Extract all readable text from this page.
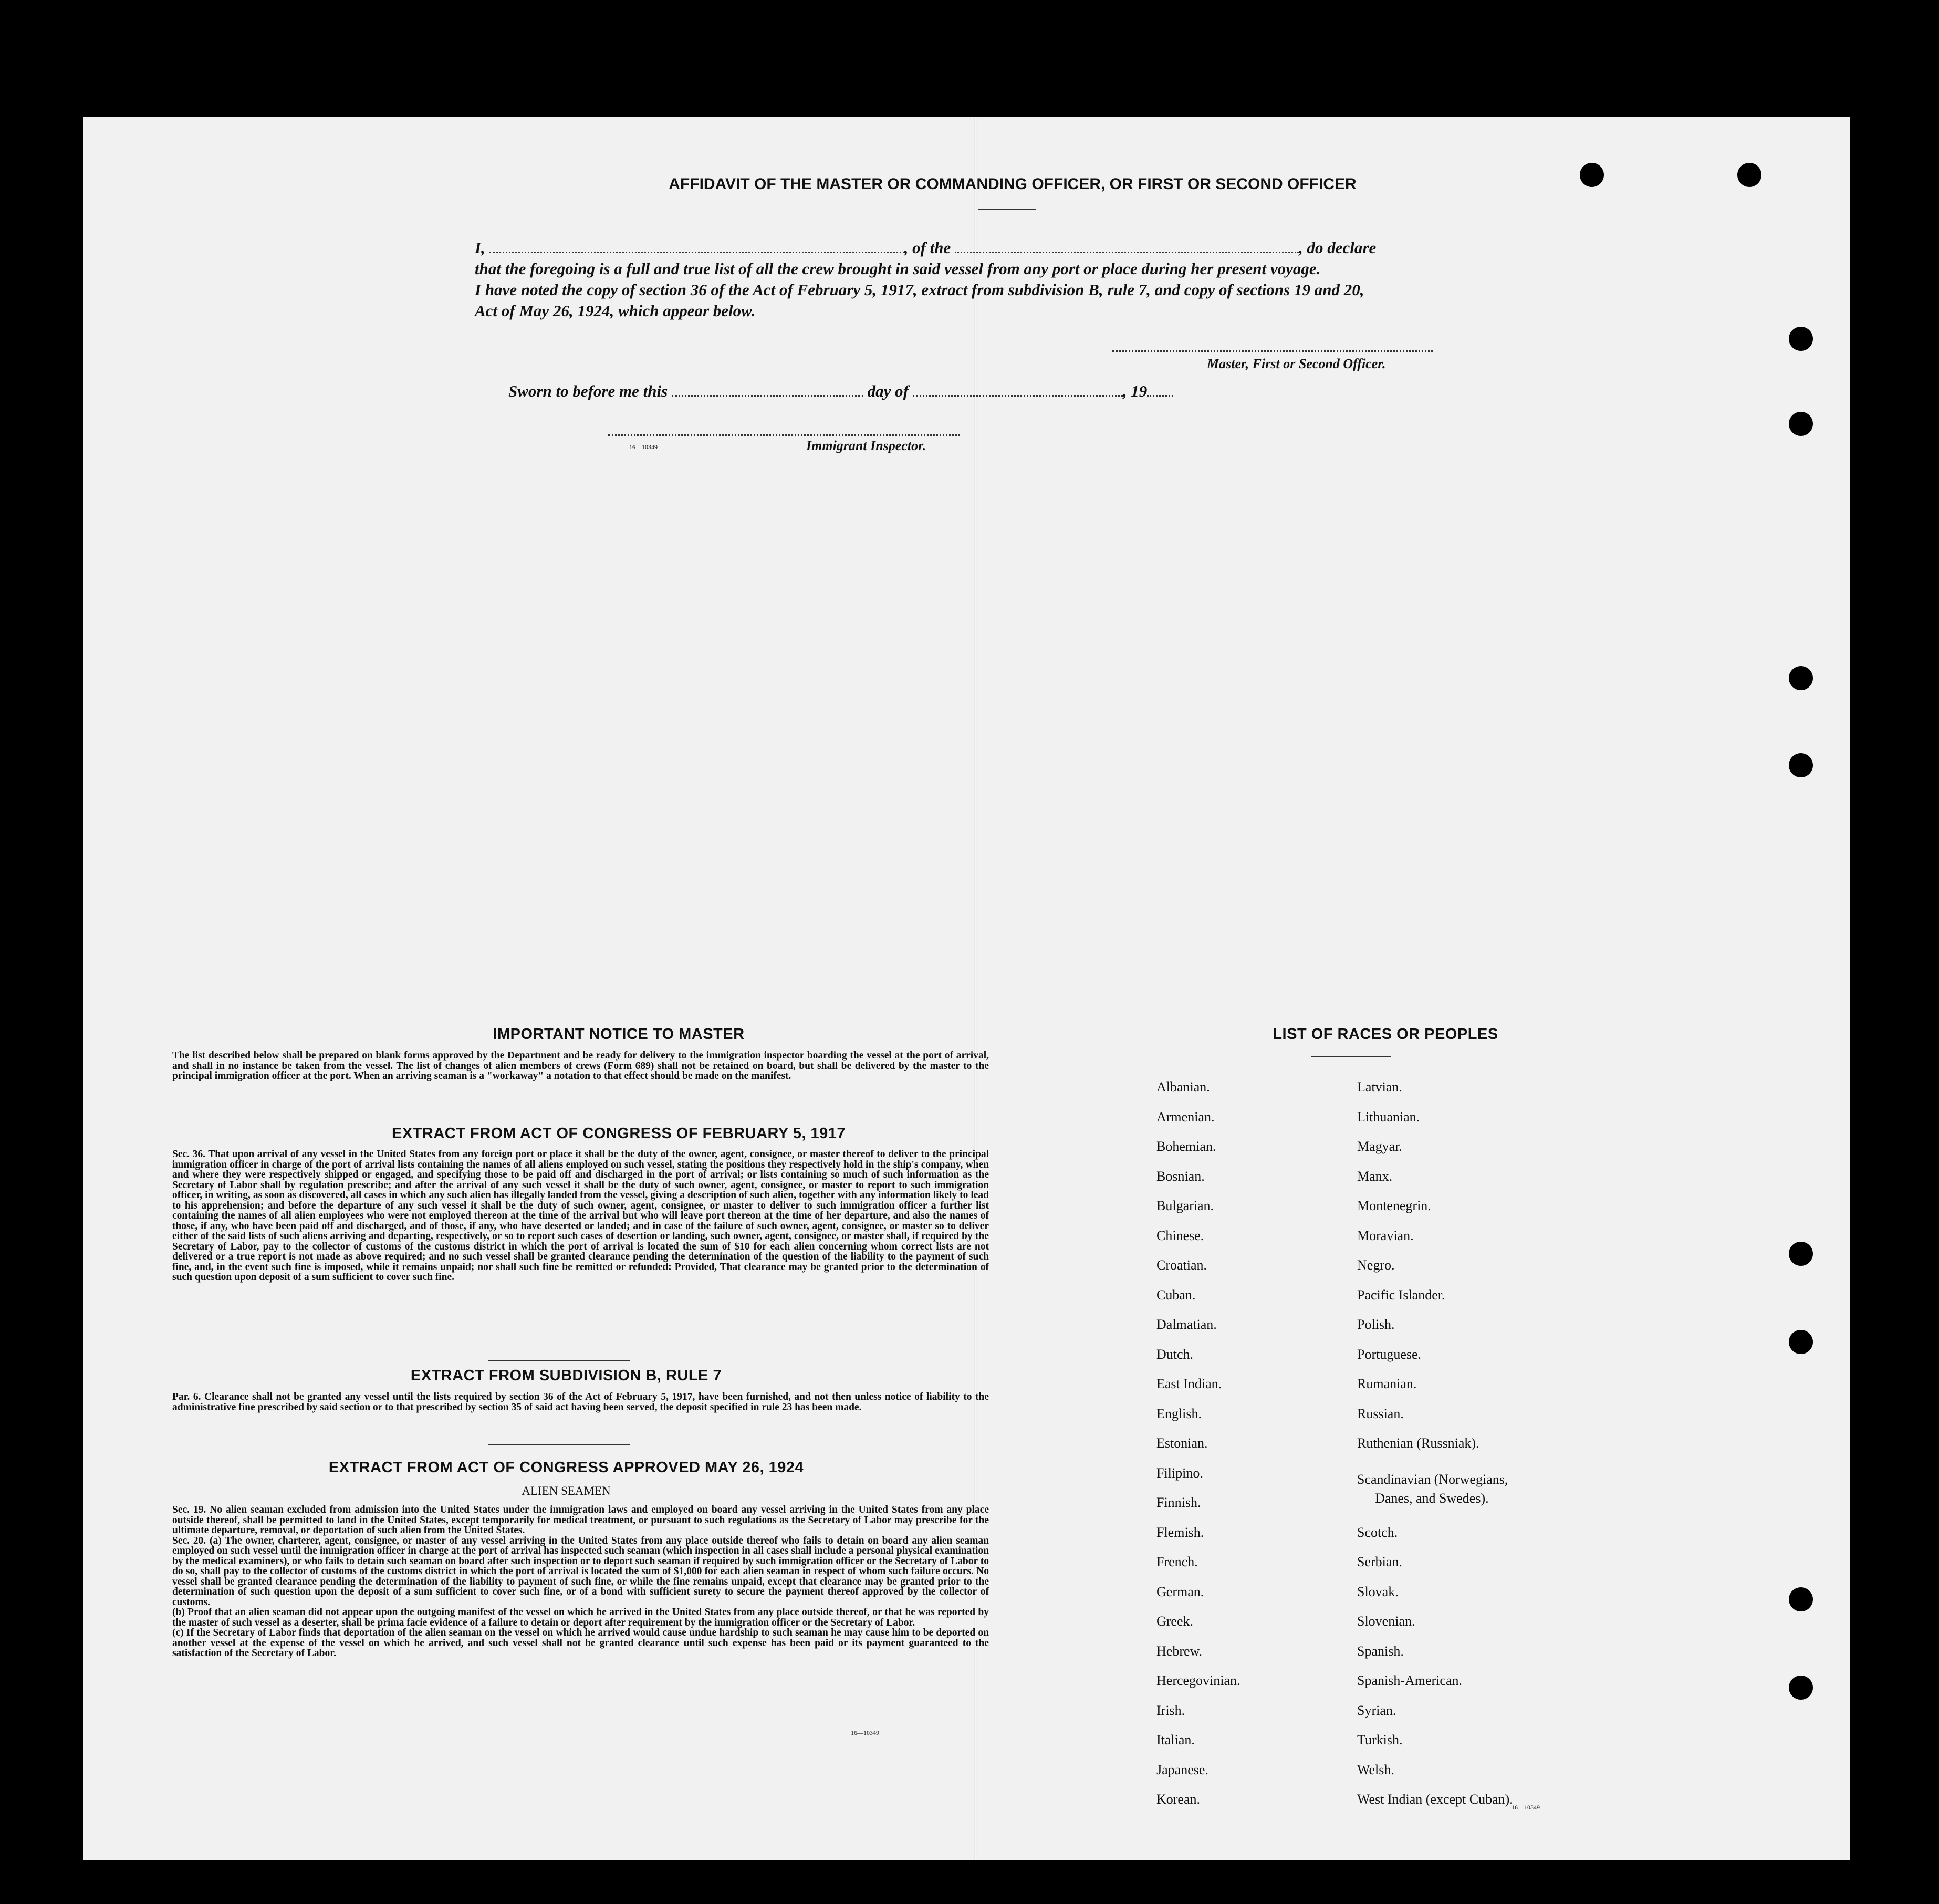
AFFIDAVIT OF THE MASTER OR COMMANDING OFFICER, OR FIRST OR SECOND OFFICER
I,	, of the	, do declare
that the foregoing is a full and true list of all the crew brought in said vessel from any port or place during her present voyage.
I have noted the copy of section 36 of the Act of February 5, 1917, extract from subdivision B, rule 7, and copy of sections 19 and 20,
Act of May 26, 1924, which appear below.
Master, First or Second Officer.
Sworn to before me this	day of	, 19
16—10349	Immigrant Inspector.
IMPORTANT NOTICE TO MASTER
The list described below shall be prepared on blank forms approved by the Department and be ready for delivery to the immigration inspector boarding the vessel at the port of arrival, and shall in no instance be taken from the vessel. The list of changes of alien members of crews (Form 689) shall not be retained on board, but shall be delivered by the master to the principal immigration officer at the port. When an arriving seaman is a "workaway" a notation to that effect should be made on the manifest.
EXTRACT FROM ACT OF CONGRESS OF FEBRUARY 5, 1917
Sec. 36. That upon arrival of any vessel in the United States from any foreign port or place it shall be the duty of the owner, agent, consignee, or master thereof to deliver to the principal immigration officer in charge of the port of arrival lists containing the names of all aliens employed on such vessel, stating the positions they respectively hold in the ship's company, when and where they were respectively shipped or engaged, and specifying those to be paid off and discharged in the port of arrival; or lists containing so much of such information as the Secretary of Labor shall by regulation prescribe; and after the arrival of any such vessel it shall be the duty of such owner, agent, consignee, or master to report to such immigration officer, in writing, as soon as discovered, all cases in which any such alien has illegally landed from the vessel, giving a description of such alien, together with any information likely to lead to his apprehension; and before the departure of any such vessel it shall be the duty of such owner, agent, consignee, or master to deliver to such immigration officer a further list containing the names of all alien employees who were not employed thereon at the time of the arrival but who will leave port thereon at the time of her departure, and also the names of those, if any, who have been paid off and discharged, and of those, if any, who have deserted or landed; and in case of the failure of such owner, agent, consignee, or master so to deliver either of the said lists of such aliens arriving and departing, respectively, or so to report such cases of desertion or landing, such owner, agent, consignee, or master shall, if required by the Secretary of Labor, pay to the collector of customs of the customs district in which the port of arrival is located the sum of $10 for each alien concerning whom correct lists are not delivered or a true report is not made as above required; and no such vessel shall be granted clearance pending the determination of the question of the liability to the payment of such fine, and, in the event such fine is imposed, while it remains unpaid; nor shall such fine be remitted or refunded: Provided, That clearance may be granted prior to the determination of such question upon deposit of a sum sufficient to cover such fine.
EXTRACT FROM SUBDIVISION B, RULE 7
Par. 6. Clearance shall not be granted any vessel until the lists required by section 36 of the Act of February 5, 1917, have been furnished, and not then unless notice of liability to the administrative fine prescribed by said section or to that prescribed by section 35 of said act having been served, the deposit specified in rule 23 has been made.
EXTRACT FROM ACT OF CONGRESS APPROVED MAY 26, 1924
ALIEN SEAMEN
Sec. 19. No alien seaman excluded from admission into the United States under the immigration laws and employed on board any vessel arriving in the United States from any place outside thereof, shall be permitted to land in the United States, except temporarily for medical treatment, or pursuant to such regulations as the Secretary of Labor may prescribe for the ultimate departure, removal, or deportation of such alien from the United States.
Sec. 20. (a) The owner, charterer, agent, consignee, or master of any vessel arriving in the United States from any place outside thereof who fails to detain on board any alien seaman employed on such vessel until the immigration officer in charge at the port of arrival has inspected such seaman (which inspection in all cases shall include a personal physical examination by the medical examiners), or who fails to detain such seaman on board after such inspection or to deport such seaman if required by such immigration officer or the Secretary of Labor to do so, shall pay to the collector of customs of the customs district in which the port of arrival is located the sum of $1,000 for each alien seaman in respect of whom such failure occurs. No vessel shall be granted clearance pending the determination of the liability to payment of such fine, or while the fine remains unpaid, except that clearance may be granted prior to the determination of such question upon the deposit of a sum sufficient to cover such fine, or of a bond with sufficient surety to secure the payment thereof approved by the collector of customs.
(b) Proof that an alien seaman did not appear upon the outgoing manifest of the vessel on which he arrived in the United States from any place outside thereof, or that he was reported by the master of such vessel as a deserter, shall be prima facie evidence of a failure to detain or deport after requirement by the immigration officer or the Secretary of Labor.
(c) If the Secretary of Labor finds that deportation of the alien seaman on the vessel on which he arrived would cause undue hardship to such seaman he may cause him to be deported on another vessel at the expense of the vessel on which he arrived, and such vessel shall not be granted clearance until such expense has been paid or its payment guaranteed to the satisfaction of the Secretary of Labor.
16—10349
LIST OF RACES OR PEOPLES
16—10349
Albanian.
Armenian.
Bohemian.
Bosnian.
Bulgarian.
Chinese.
Croatian.
Cuban.
Dalmatian.
Dutch.
East Indian.
English.
Estonian.
Filipino.
Finnish.
Flemish.
French.
German.
Greek.
Hebrew.
Hercegovinian.
Irish.
Italian.
Japanese.
Korean.
Latvian.
Lithuanian.
Magyar.
Manx.
Montenegrin.
Moravian.
Negro.
Pacific Islander.
Polish.
Portuguese.
Rumanian.
Russian.
Ruthenian (Russniak).
Scandinavian (Norwegians,
Danes, and Swedes).
Scotch.
Serbian.
Slovak.
Slovenian.
Spanish.
Spanish-American.
Syrian.
Turkish.
Welsh.
West Indian (except Cuban).
